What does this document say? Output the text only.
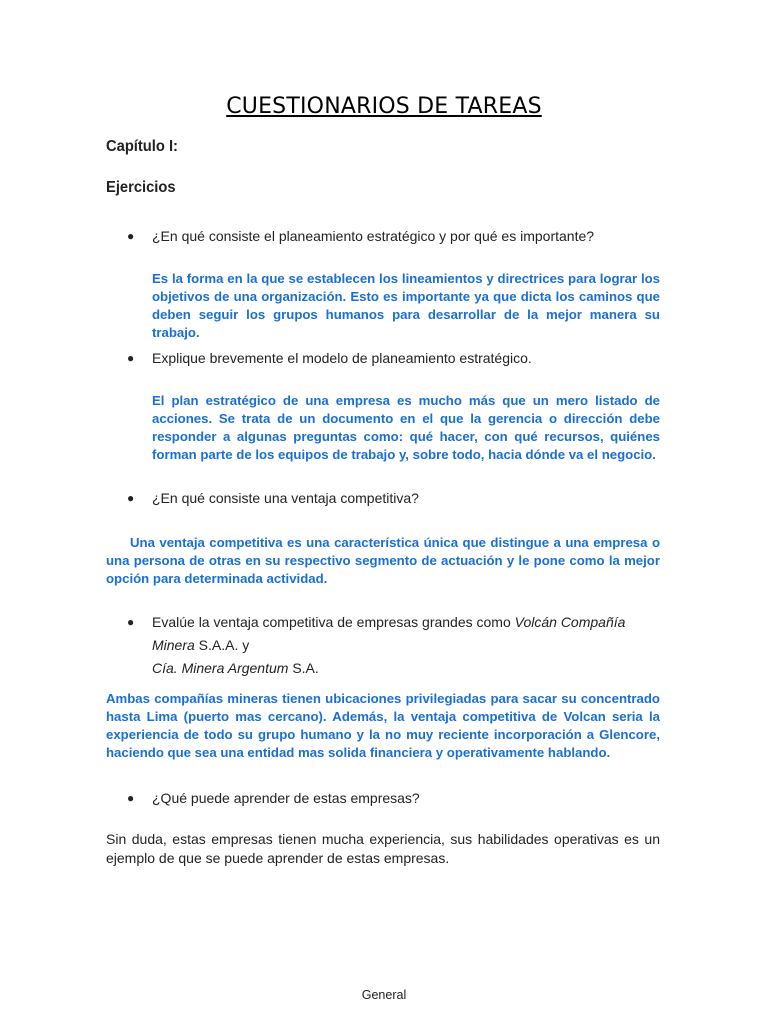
CUESTIONARIOS DE TAREAS
Capítulo I:
Ejercicios
● ¿En qué consiste el planeamiento estratégico y por qué es importante?
Es la forma en la que se establecen los lineamientos y directrices para lograr los objetivos de una organización. Esto es importante ya que dicta los caminos que deben seguir los grupos humanos para desarrollar de la mejor manera su trabajo.
● Explique brevemente el modelo de planeamiento estratégico.
El plan estratégico de una empresa es mucho más que un mero listado de acciones. Se trata de un documento en el que la gerencia o dirección debe responder a algunas preguntas como: qué hacer, con qué recursos, quiénes forman parte de los equipos de trabajo y, sobre todo, hacia dónde va el negocio.
● ¿En qué consiste una ventaja competitiva?
Una ventaja competitiva es una característica única que distingue a una empresa o una persona de otras en su respectivo segmento de actuación y le pone como la mejor opción para determinada actividad.
● Evalúe la ventaja competitiva de empresas grandes como Volcán Compañía Minera S.A.A. y
Cía. Minera Argentum S.A.
Ambas compañías mineras tienen ubicaciones privilegiadas para sacar su concentrado hasta Lima (puerto mas cercano). Además, la ventaja competitiva de Volcan seria la experiencia de todo su grupo humano y la no muy reciente incorporación a Glencore, haciendo que sea una entidad mas solida financiera y operativamente hablando.
● ¿Qué puede aprender de estas empresas?
Sin duda, estas empresas tienen mucha experiencia, sus habilidades operativas es un ejemplo de que se puede aprender de estas empresas.
General
